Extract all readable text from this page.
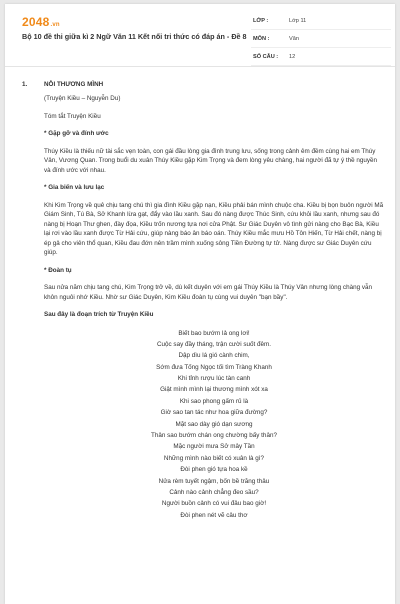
2048.vn
Bộ 10 đề thi giữa kì 2 Ngữ Văn 11 Kết nối tri thức có đáp án - Đề 8
LỚP :	Lớp 11
MÔN :	Văn
SỐ CÂU :	12
1.	NỖI THƯƠNG MÌNH

(Truyện Kiều – Nguyễn Du)

Tóm tắt Truyện Kiều

* Gặp gỡ và đính ước

Thúy Kiều là thiếu nữ tài sắc vẹn toàn, con gái đầu lòng gia đình trung lưu, sống trong cảnh êm đềm cùng hai em Thúy Vân, Vương Quan. Trong buổi du xuân Thúy Kiều gặp Kim Trọng và đem lòng yêu chàng, hai người đã tự ý thề nguyền và đính ước với nhau.

* Gia biến và lưu lạc

Khi Kim Trọng về quê chịu tang chú thì gia đình Kiều gặp nạn, Kiều phải bán mình chuộc cha. Kiều bị bọn buôn người Mã Giám Sinh, Tú Bà, Sở Khanh lừa gạt, đẩy vào lầu xanh. Sau đó nàng được Thúc Sinh, cứu khỏi lầu xanh, nhưng sau đó nàng bị Hoạn Thư ghen, đày đọa, Kiều trốn nương tựa nơi cửa Phật. Sư Giác Duyên vô tình gửi nàng cho Bạc Bà, Kiều lại rơi vào lầu xanh được Từ Hải cứu, giúp nàng báo ân báo oán. Thúy Kiều mắc mưu Hồ Tôn Hiến, Từ Hải chết, nàng bị ép gả cho viên thổ quan, Kiều đau đớn nên trầm mình xuống sông Tiền Đường tự tử. Nàng được sư Giác Duyên cứu giúp.

* Đoàn tụ

Sau nửa năm chịu tang chú, Kim Trọng trở về, dù kết duyên với em gái Thúy Kiều là Thúy Vân nhưng lòng chàng vẫn khôn nguôi nhớ Kiều. Nhờ sư Giác Duyên, Kim Kiều đoàn tụ cùng vui duyên "bạn bầy".

Sau đây là đoạn trích từ Truyện Kiều

Biết bao bướm lả ong lơi!
Cuộc say đầy tháng, trận cười suốt đêm.
Dập dìu lá gió cành chim,
Sớm đưa Tống Ngọc tối tìm Tràng Khanh
Khi tỉnh rượu lúc tàn canh
Giật mình mình lại thương mình xót xa
Khi sao phong gấm rủ là
Giờ sao tan tác như hoa giữa đường?
Mặt sao dày gió dạn sương
Thân sao bướm chán ong chường bấy thân?
Mặc người mưa Sở mây Tần
Những mình nào biết có xuân là gì?
Đòi phen gió tựa hoa kề
Nửa rèm tuyết ngậm, bốn bề trăng thâu
Cảnh nào cảnh chẳng đeo sầu?
Người buồn cảnh có vui đâu bao giờ!
Đòi phen nét vẽ câu thơ
